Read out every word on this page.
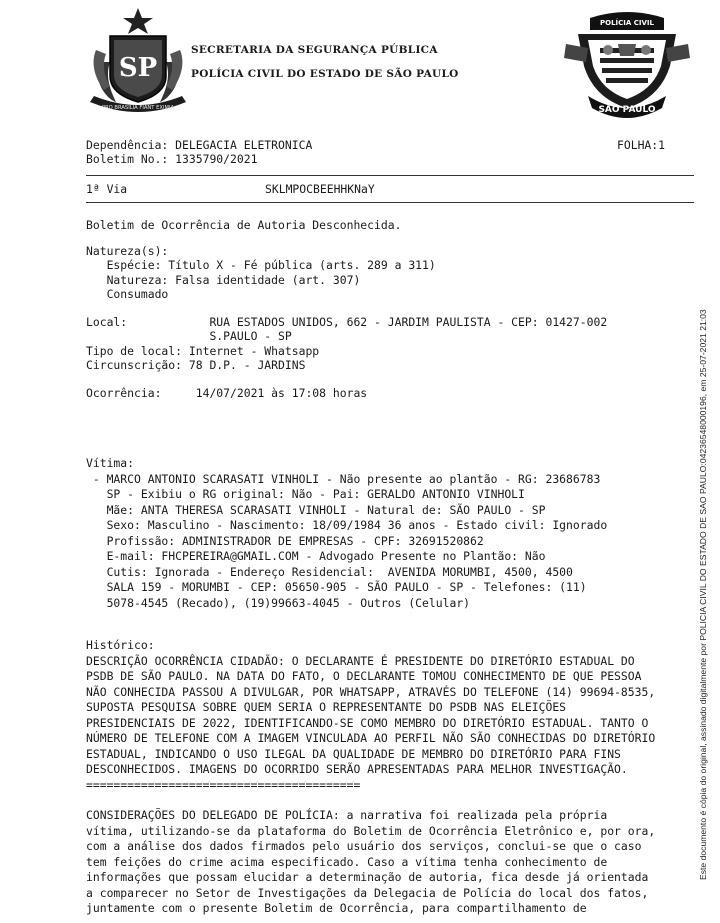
SP
PRO BRASILIA FIANT EXIMIA
SECRETARIA DA SEGURANÇA PÚBLICA
POLÍCIA CIVIL DO ESTADO DE SÃO PAULO
POLÍCIA CIVIL
SÃO PAULO
Dependência: DELEGACIA ELETRONICA	FOLHA:1
Boletim No.: 1335790/2021
1ª Via	SKLMPOCBEEHHKNaY
Boletim de Ocorrência de Autoria Desconhecida.
Natureza(s):
Espécie: Título X - Fé pública (arts. 289 a 311)
Natureza: Falsa identidade (art. 307)
Consumado
Local:            RUA ESTADOS UNIDOS, 662 - JARDIM PAULISTA - CEP: 01427-002
S.PAULO - SP
Tipo de local: Internet - Whatsapp
Circunscrição: 78 D.P. - JARDINS
Ocorrência:     14/07/2021 às 17:08 horas
Vítima:
- MARCO ANTONIO SCARASATI VINHOLI - Não presente ao plantão - RG: 23686783
SP - Exibiu o RG original: Não - Pai: GERALDO ANTONIO VINHOLI
Mãe: ANTA THERESA SCARASATI VINHOLI - Natural de: SÃO PAULO - SP
Sexo: Masculino - Nascimento: 18/09/1984 36 anos - Estado civil: Ignorado
Profissão: ADMINISTRADOR DE EMPRESAS - CPF: 32691520862
E-mail: FHCPEREIRA@GMAIL.COM - Advogado Presente no Plantão: Não
Cutis: Ignorada - Endereço Residencial:  AVENIDA MORUMBI, 4500, 4500
SALA 159 - MORUMBI - CEP: 05650-905 - SÃO PAULO - SP - Telefones: (11)
5078-4545 (Recado), (19)99663-4045 - Outros (Celular)
Histórico:
DESCRIÇÃO OCORRÊNCIA CIDADÃO: O DECLARANTE É PRESIDENTE DO DIRETÓRIO ESTADUAL DO
PSDB DE SÃO PAULO. NA DATA DO FATO, O DECLARANTE TOMOU CONHECIMENTO DE QUE PESSOA
NÃO CONHECIDA PASSOU A DIVULGAR, POR WHATSAPP, ATRAVÉS DO TELEFONE (14) 99694-8535,
SUPOSTA PESQUISA SOBRE QUEM SERIA O REPRESENTANTE DO PSDB NAS ELEIÇÕES
PRESIDENCIAIS DE 2022, IDENTIFICANDO-SE COMO MEMBRO DO DIRETÓRIO ESTADUAL. TANTO O
NÚMERO DE TELEFONE COM A IMAGEM VINCULADA AO PERFIL NÃO SÃO CONHECIDAS DO DIRETÓRIO
ESTADUAL, INDICANDO O USO ILEGAL DA QUALIDADE DE MEMBRO DO DIRETÓRIO PARA FINS
DESCONHECIDOS. IMAGENS DO OCORRIDO SERÃO APRESENTADAS PARA MELHOR INVESTIGAÇÃO.
========================================
CONSIDERAÇÕES DO DELEGADO DE POLÍCIA: a narrativa foi realizada pela própria
vítima, utilizando-se da plataforma do Boletim de Ocorrência Eletrônico e, por ora,
com a análise dos dados firmados pelo usuário dos serviços, conclui-se que o caso
tem feições do crime acima especificado. Caso a vítima tenha conhecimento de
informações que possam elucidar a determinação de autoria, fica desde já orientada
a comparecer no Setor de Investigações da Delegacia de Polícia do local dos fatos,
juntamente com o presente Boletim de Ocorrência, para compartilhamento de
Este documento é cópia do original, assinado digitalmente por POLICIA CIVIL DO ESTADO DE SAO PAULO:04236548000196, em 25-07-2021 21:03
